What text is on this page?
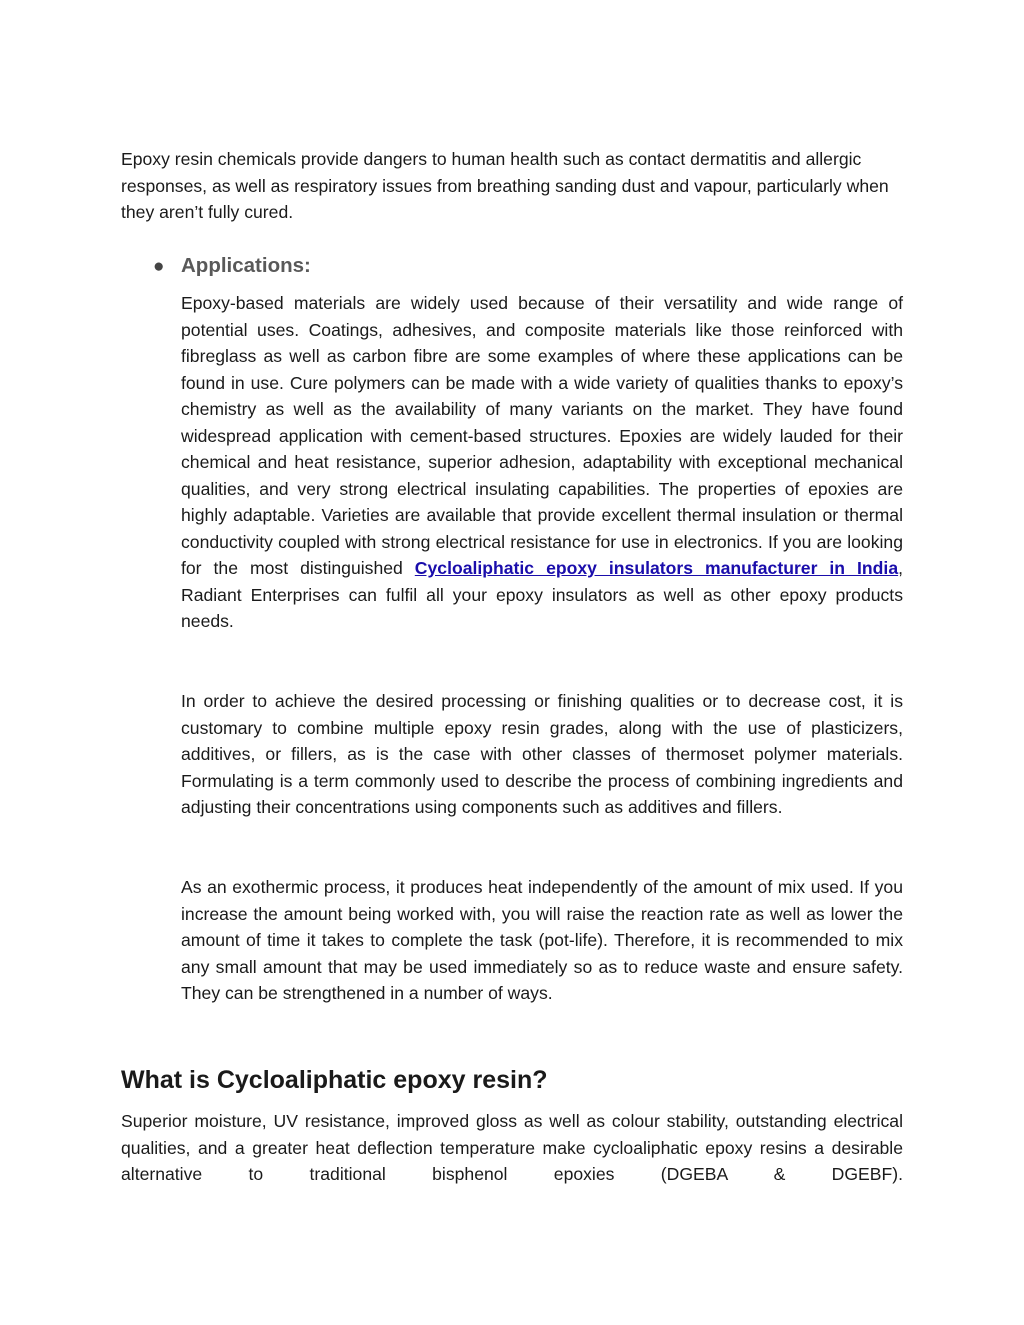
Epoxy resin chemicals provide dangers to human health such as contact dermatitis and allergic responses, as well as respiratory issues from breathing sanding dust and vapour, particularly when they aren’t fully cured.

● Applications:

Epoxy-based materials are widely used because of their versatility and wide range of potential uses. Coatings, adhesives, and composite materials like those reinforced with fibreglass as well as carbon fibre are some examples of where these applications can be found in use. Cure polymers can be made with a wide variety of qualities thanks to epoxy’s chemistry as well as the availability of many variants on the market. They have found widespread application with cement-based structures. Epoxies are widely lauded for their chemical and heat resistance, superior adhesion, adaptability with exceptional mechanical qualities, and very strong electrical insulating capabilities. The properties of epoxies are highly adaptable. Varieties are available that provide excellent thermal insulation or thermal conductivity coupled with strong electrical resistance for use in electronics. If you are looking for the most distinguished Cycloaliphatic epoxy insulators manufacturer in India, Radiant Enterprises can fulfil all your epoxy insulators as well as other epoxy products needs.

In order to achieve the desired processing or finishing qualities or to decrease cost, it is customary to combine multiple epoxy resin grades, along with the use of plasticizers, additives, or fillers, as is the case with other classes of thermoset polymer materials. Formulating is a term commonly used to describe the process of combining ingredients and adjusting their concentrations using components such as additives and fillers.

As an exothermic process, it produces heat independently of the amount of mix used. If you increase the amount being worked with, you will raise the reaction rate as well as lower the amount of time it takes to complete the task (pot-life). Therefore, it is recommended to mix any small amount that may be used immediately so as to reduce waste and ensure safety. They can be strengthened in a number of ways.

What is Cycloaliphatic epoxy resin?

Superior moisture, UV resistance, improved gloss as well as colour stability, outstanding electrical qualities, and a greater heat deflection temperature make cycloaliphatic epoxy resins a desirable alternative to traditional bisphenol epoxies (DGEBA & DGEBF).
